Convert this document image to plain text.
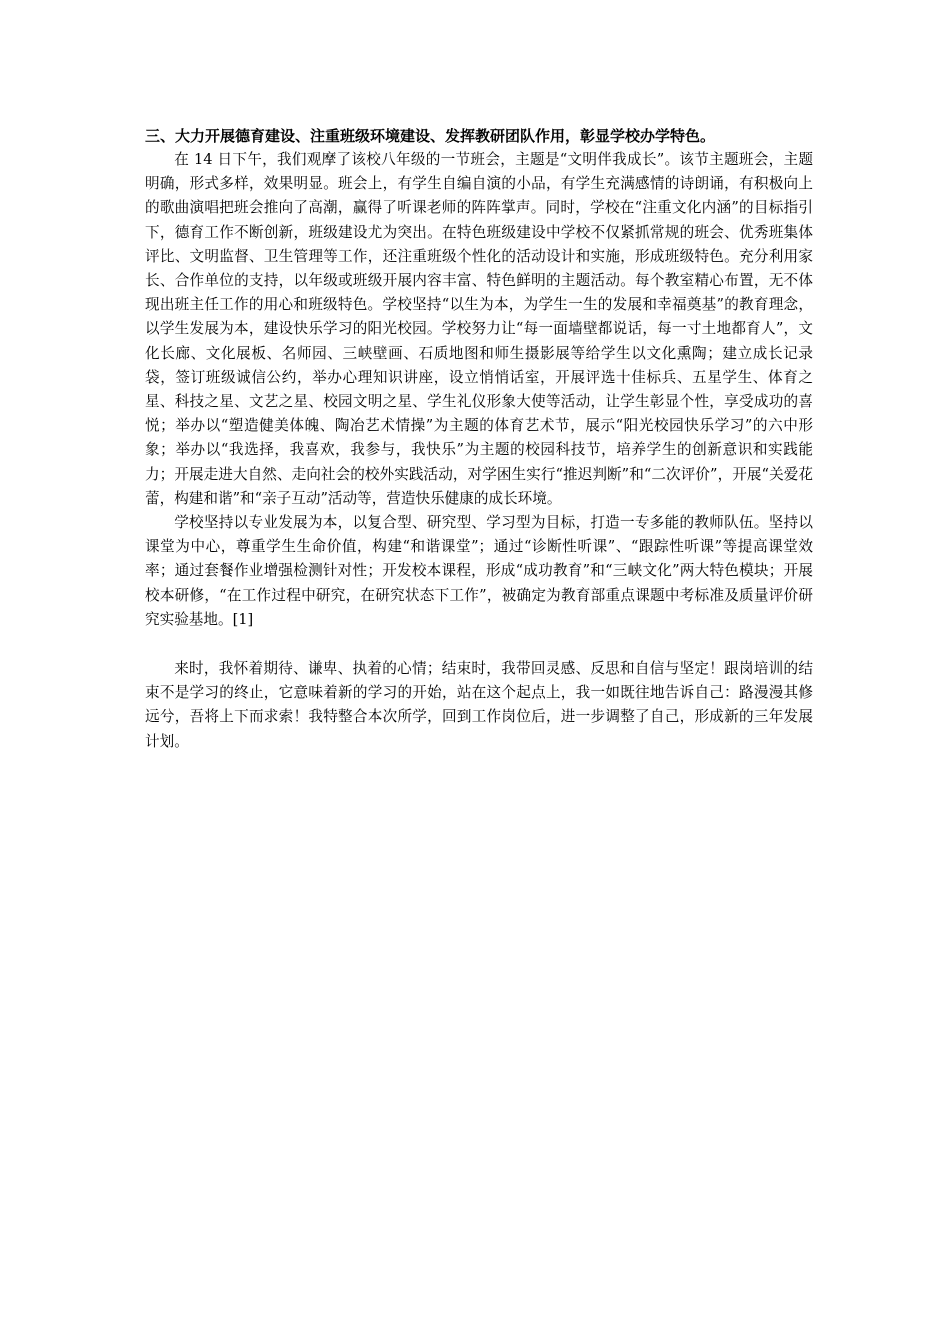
三、大力开展德育建设、注重班级环境建设、发挥教研团队作用，彰显学校办学特色。

在 14 日下午，我们观摩了该校八年级的一节班会，主题是“文明伴我成长”。该节主题班会，主题明确，形式多样，效果明显。班会上，有学生自编自演的小品，有学生充满感情的诗朗诵，有积极向上的歌曲演唱把班会推向了高潮，赢得了听课老师的阵阵掌声。同时，学校在“注重文化内涵”的目标指引下，德育工作不断创新，班级建设尤为突出。在特色班级建设中学校不仅紧抓常规的班会、优秀班集体评比、文明监督、卫生管理等工作，还注重班级个性化的活动设计和实施，形成班级特色。充分利用家长、合作单位的支持，以年级或班级开展内容丰富、特色鲜明的主题活动。每个教室精心布置，无不体现出班主任工作的用心和班级特色。学校坚持“以生为本，为学生一生的发展和幸福奠基”的教育理念，以学生发展为本，建设快乐学习的阳光校园。学校努力让“每一面墙壁都说话，每一寸土地都育人”，文化长廊、文化展板、名师园、三峡壁画、石质地图和师生摄影展等给学生以文化熏陶；建立成长记录袋，签订班级诚信公约，举办心理知识讲座，设立悄悄话室，开展评选十佳标兵、五星学生、体育之星、科技之星、文艺之星、校园文明之星、学生礼仪形象大使等活动，让学生彰显个性，享受成功的喜悦；举办以“塑造健美体魄、陶冶艺术情操”为主题的体育艺术节，展示“阳光校园快乐学习”的六中形象；举办以“我选择，我喜欢，我参与，我快乐”为主题的校园科技节，培养学生的创新意识和实践能力；开展走进大自然、走向社会的校外实践活动，对学困生实行“推迟判断”和“二次评价”，开展“关爱花蕾，构建和谐”和“亲子互动”活动等，营造快乐健康的成长环境。

学校坚持以专业发展为本，以复合型、研究型、学习型为目标，打造一专多能的教师队伍。坚持以课堂为中心，尊重学生生命价值，构建“和谐课堂”；通过“诊断性听课”、“跟踪性听课”等提高课堂效率；通过套餐作业增强检测针对性；开发校本课程，形成“成功教育”和“三峡文化”两大特色模块；开展校本研修，“在工作过程中研究，在研究状态下工作”，被确定为教育部重点课题中考标准及质量评价研究实验基地。[1]

来时，我怀着期待、谦卑、执着的心情；结束时，我带回灵感、反思和自信与坚定！跟岗培训的结束不是学习的终止，它意味着新的学习的开始，站在这个起点上，我一如既往地告诉自己：路漫漫其修远兮，吾将上下而求索！我特整合本次所学，回到工作岗位后，进一步调整了自己，形成新的三年发展计划。
